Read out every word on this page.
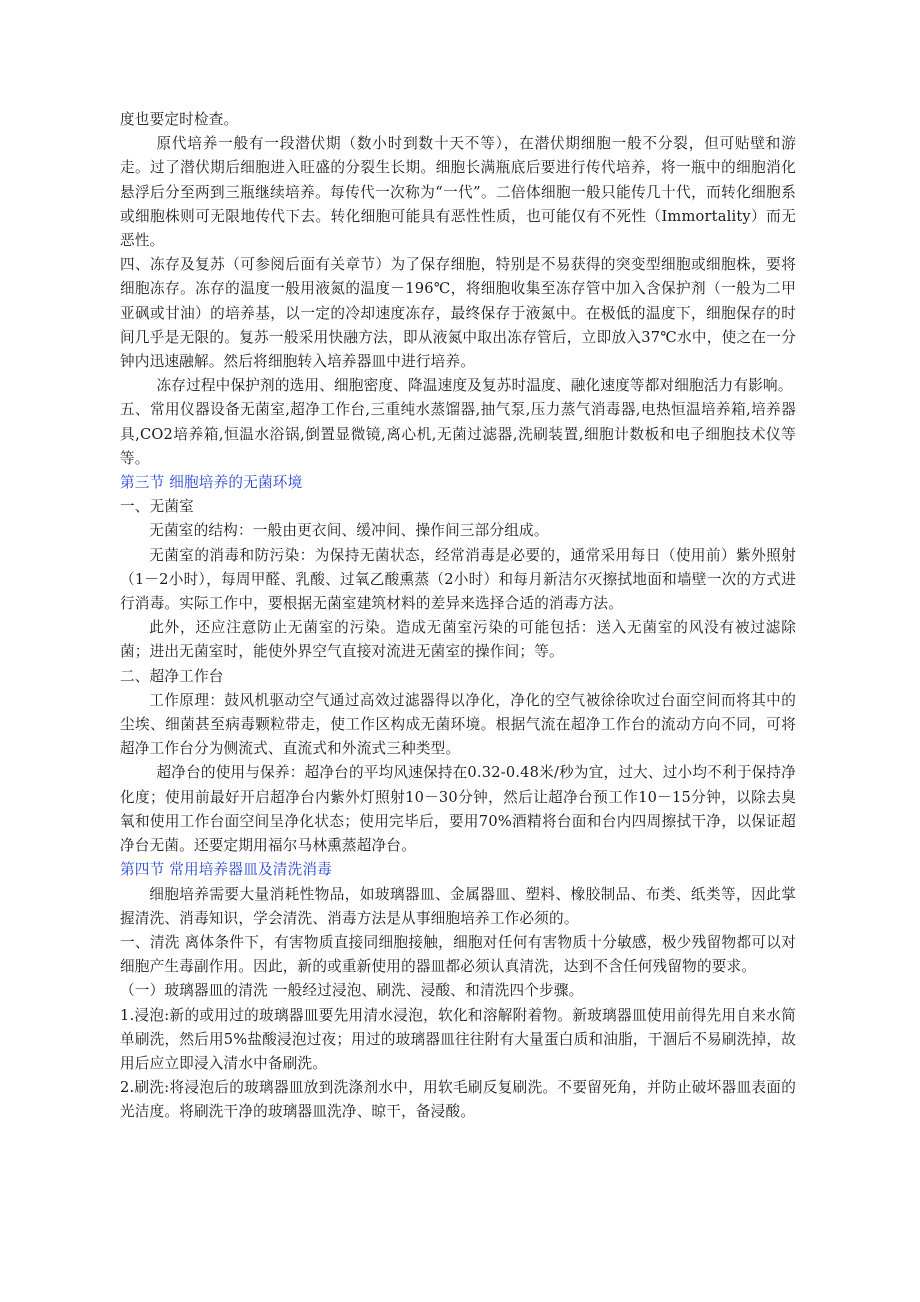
度也要定时检查。

原代培养一般有一段潜伏期（数小时到数十天不等），在潜伏期细胞一般不分裂，但可贴壁和游走。过了潜伏期后细胞进入旺盛的分裂生长期。细胞长满瓶底后要进行传代培养，将一瓶中的细胞消化悬浮后分至两到三瓶继续培养。每传代一次称为“一代”。二倍体细胞一般只能传几十代，而转化细胞系或细胞株则可无限地传代下去。转化细胞可能具有恶性性质，也可能仅有不死性（Immortality）而无恶性。

四、冻存及复苏（可参阅后面有关章节）为了保存细胞，特别是不易获得的突变型细胞或细胞株，要将细胞冻存。冻存的温度一般用液氮的温度－196℃，将细胞收集至冻存管中加入含保护剂（一般为二甲亚砜或甘油）的培养基，以一定的冷却速度冻存，最终保存于液氮中。在极低的温度下，细胞保存的时间几乎是无限的。复苏一般采用快融方法，即从液氮中取出冻存管后，立即放入37℃水中，使之在一分钟内迅速融解。然后将细胞转入培养器皿中进行培养。

冻存过程中保护剂的选用、细胞密度、降温速度及复苏时温度、融化速度等都对细胞活力有影响。

五、常用仪器设备无菌室,超净工作台,三重纯水蒸馏器,抽气泵,压力蒸气消毒器,电热恒温培养箱,培养器具,CO2培养箱,恒温水浴锅,倒置显微镜,离心机,无菌过滤器,洗刷装置,细胞计数板和电子细胞技术仪等等。

第三节 细胞培养的无菌环境

一、无菌室

无菌室的结构：一般由更衣间、缓冲间、操作间三部分组成。

无菌室的消毒和防污染：为保持无菌状态，经常消毒是必要的，通常采用每日（使用前）紫外照射（1－2小时），每周甲醛、乳酸、过氧乙酸熏蒸（2小时）和每月新洁尔灭擦拭地面和墙壁一次的方式进行消毒。实际工作中，要根据无菌室建筑材料的差异来选择合适的消毒方法。

此外，还应注意防止无菌室的污染。造成无菌室污染的可能包括：送入无菌室的风没有被过滤除菌；进出无菌室时，能使外界空气直接对流进无菌室的操作间；等。

二、超净工作台

工作原理：鼓风机驱动空气通过高效过滤器得以净化，净化的空气被徐徐吹过台面空间而将其中的尘埃、细菌甚至病毒颗粒带走，使工作区构成无菌环境。根据气流在超净工作台的流动方向不同，可将超净工作台分为侧流式、直流式和外流式三种类型。

超净台的使用与保养：超净台的平均风速保持在0.32-0.48米/秒为宜，过大、过小均不利于保持净化度；使用前最好开启超净台内紫外灯照射10－30分钟，然后让超净台预工作10－15分钟，以除去臭氧和使用工作台面空间呈净化状态；使用完毕后，要用70%酒精将台面和台内四周擦拭干净，以保证超净台无菌。还要定期用福尔马林熏蒸超净台。

第四节 常用培养器皿及清洗消毒

细胞培养需要大量消耗性物品，如玻璃器皿、金属器皿、塑料、橡胶制品、布类、纸类等，因此掌握清洗、消毒知识，学会清洗、消毒方法是从事细胞培养工作必须的。

一、清洗 离体条件下，有害物质直接同细胞接触，细胞对任何有害物质十分敏感，极少残留物都可以对细胞产生毒副作用。因此，新的或重新使用的器皿都必须认真清洗，达到不含任何残留物的要求。

（一）玻璃器皿的清洗 一般经过浸泡、刷洗、浸酸、和清洗四个步骤。

1.浸泡:新的或用过的玻璃器皿要先用清水浸泡，软化和溶解附着物。新玻璃器皿使用前得先用自来水简单刷洗，然后用5%盐酸浸泡过夜；用过的玻璃器皿往往附有大量蛋白质和油脂，干涸后不易刷洗掉，故用后应立即浸入清水中备刷洗。

2.刷洗:将浸泡后的玻璃器皿放到洗涤剂水中，用软毛刷反复刷洗。不要留死角，并防止破坏器皿表面的光洁度。将刷洗干净的玻璃器皿洗净、晾干，备浸酸。
